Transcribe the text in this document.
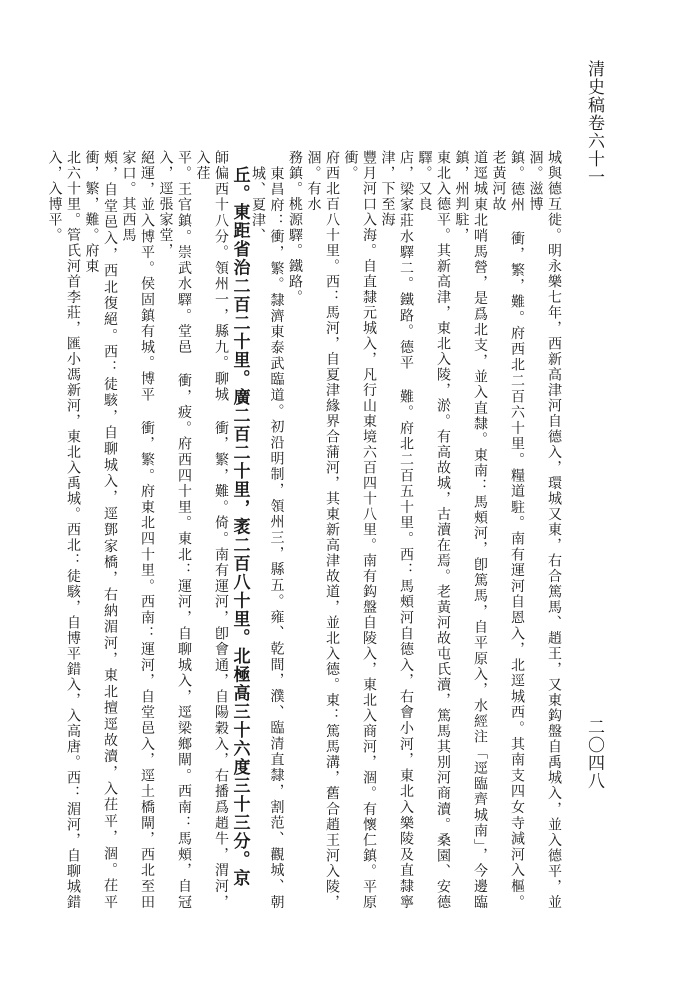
清史稿卷六十一

城與德互徙。明永樂七年，西新高津河自德入，環城又東，右合篤馬、趙王，又東鈎盤自禹城入，並入德平，並涸。滋博

鎮。德州 衝，繁，難。府西北二百六十里。糧道駐。南有運河自恩入，北逕城西。其南支四女寺減河入樞。老黃河故

道逕城東北哨馬營，是爲北支，並入直隸。東南：馬頰河，卽篤馬，自平原入，水經注「逕臨齊城南」，今邊臨鎮，州判駐，

東北入德平。其新高津，東北入陵，淤。有高故城，古瀆在焉。老黃河故屯氏瀆，篤馬其別河商瀆。桑園、安德驛。又良

店，梁家莊水驛二。鐵路。德平 難。府北二百五十里。西：馬頰河自德入，右會小河，東北入樂陵及直隸寧津，下至海

豐月河口入海。自直隸元城入，凡行山東境六百四十八里。南有鈎盤自陵入，東北入商河，涸。有懷仁鎮。平原 衝。

府西北百八十里。西：馬河，自夏津緣界合蒲河，其東新高津故道，並北入德。東：篤馬溝，舊合趙王河入陵，涸。有水

務鎮。桃源驛。鐵路。

東昌府：衝，繁。隸濟東泰武臨道。初沿明制，領州三，縣五。雍、乾間，濮、臨清直隸，割范、觀城、朝城、夏津、

丘。東距省治二百二十里。廣二百二十里，袤二百八十里。北極高三十六度三十三分。京

師偏西十八分。領州一，縣九。聊城 衝，繁，難。倚。南有運河，卽會通，自陽穀入，右播爲趙牛，渭河，入荏

平。王官鎮。崇武水驛。堂邑 衝，疲。府西四十里。東北：運河，自聊城入，逕梁鄉閘。西南：馬頰，自冠入，逕張家堂，

絕運，並入博平。侯固鎮有城。博平 衝，繁。府東北四十里。西南：運河，自堂邑入，逕土橋閘，西北至田家口。其西馬

頰，自堂邑入，西北復絕。西：徒駭，自聊城入，逕鄧家橋，右納湄河，東北擅逕故瀆，入茌平，涸。茌平 衝，繁，難。府東

北六十里。管氏河首李莊，匯小馮新河，東北入禹城。西北：徒駭，自博平錯入，入高唐。西：湄河，自聊城錯入，入博平。

二〇四八
